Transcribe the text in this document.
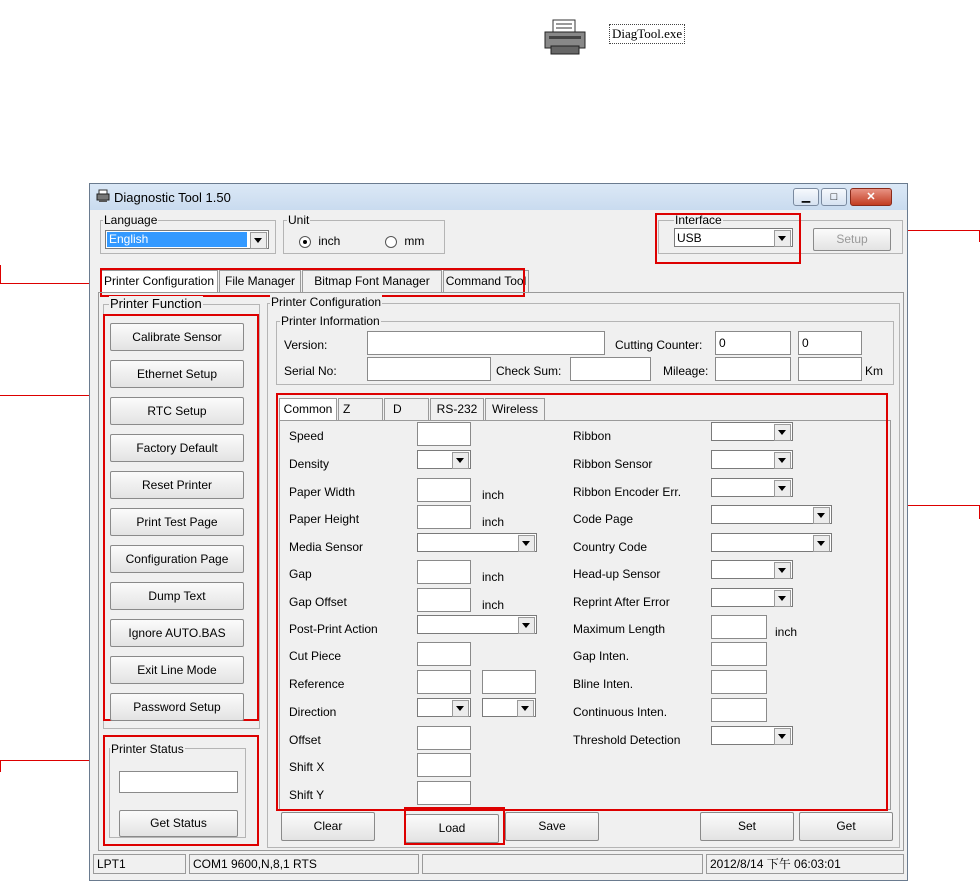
DiagTool.exe
Diagnostic Tool 1.50	▁	□	✕
Language
English
Unit
inch	mm
Interface
USB	Setup
Printer Configuration File Manager	Bitmap Font Manager	Command Tool
Printer Function
Calibrate Sensor
Ethernet Setup
RTC Setup
Factory Default
Reset Printer
Print Test Page
Configuration Page
Dump Text
Ignore AUTO.BAS
Exit Line Mode
Password Setup
Printer Status
Get Status
Printer Configuration
Printer Information
Version:	Cutting Counter:	0	0
Serial No:	Check Sum:	Mileage:	Km
Common Z	D	RS-232	Wireless
Speed
Density
Paper Width	inch
Paper Height	inch
Media Sensor
Gap	inch
Gap Offset	inch
Post-Print Action
Cut Piece
Reference
Direction
Offset
Shift X
Shift Y
Ribbon
Ribbon Sensor
Ribbon Encoder Err.
Code Page
Country Code
Head-up Sensor
Reprint After Error
Maximum Length	inch
Gap Inten.
Bline Inten.
Continuous Inten.
Threshold Detection
Clear	Load	Save	Set	Get
LPT1	COM1 9600,N,8,1 RTS	2012/8/14 下午 06:03:01
